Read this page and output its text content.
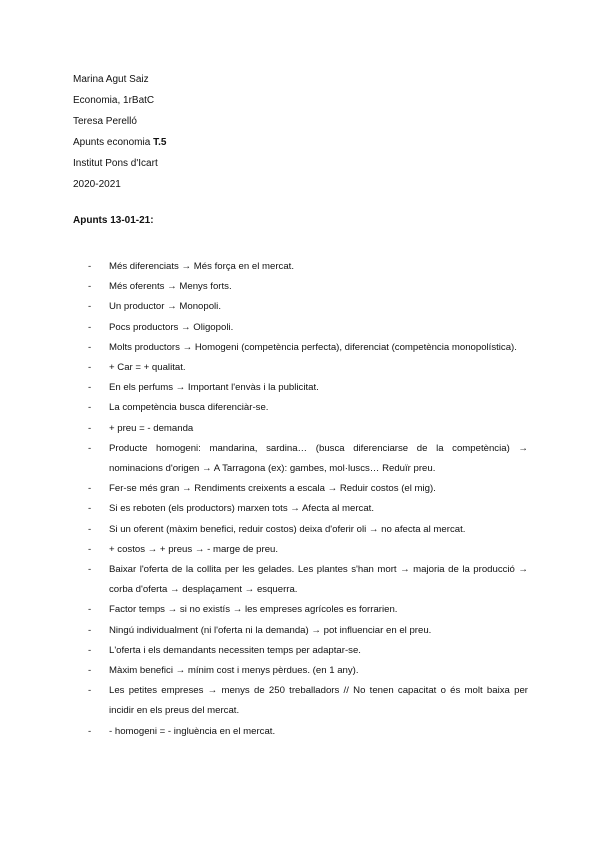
Marina Agut Saiz
Economia, 1rBatC
Teresa Perelló
Apunts economia T.5
Institut Pons d'Icart
2020-2021
Apunts 13-01-21:
- Més diferenciats → Més força en el mercat.
- Més oferents → Menys forts.
- Un productor → Monopoli.
- Pocs productors → Oligopoli.
- Molts productors → Homogeni (competència perfecta), diferenciat (competència monopolística).
- + Car = + qualitat.
- En els perfums → Important l'envàs i la publicitat.
- La competència busca diferenciàr-se.
- + preu = - demanda
- Producte homogeni: mandarina, sardina… (busca diferenciarse de la competència) → nominacions d'origen → A Tarragona (ex): gambes, mol·luscs… Reduïr preu.
- Fer-se més gran → Rendiments creixents a escala → Reduir costos (el mig).
- Si es reboten (els productors) marxen tots → Afecta al mercat.
- Si un oferent (màxim benefici, reduir costos) deixa d'oferir oli → no afecta al mercat.
- + costos → + preus → - marge de preu.
- Baixar l'oferta de la collita per les gelades. Les plantes s'han mort → majoria de la producció → corba d'oferta → desplaçament → esquerra.
- Factor temps → si no existís → les empreses agrícoles es forrarien.
- Ningú individualment (ni l'oferta ni la demanda) → pot influenciar en el preu.
- L'oferta i els demandants necessiten temps per adaptar-se.
- Màxim benefici → mínim cost i menys pèrdues. (en 1 any).
- Les petites empreses → menys de 250 treballadors // No tenen capacitat o és molt baixa per incidir en els preus del mercat.
- - homogeni = - ingluència en el mercat.
